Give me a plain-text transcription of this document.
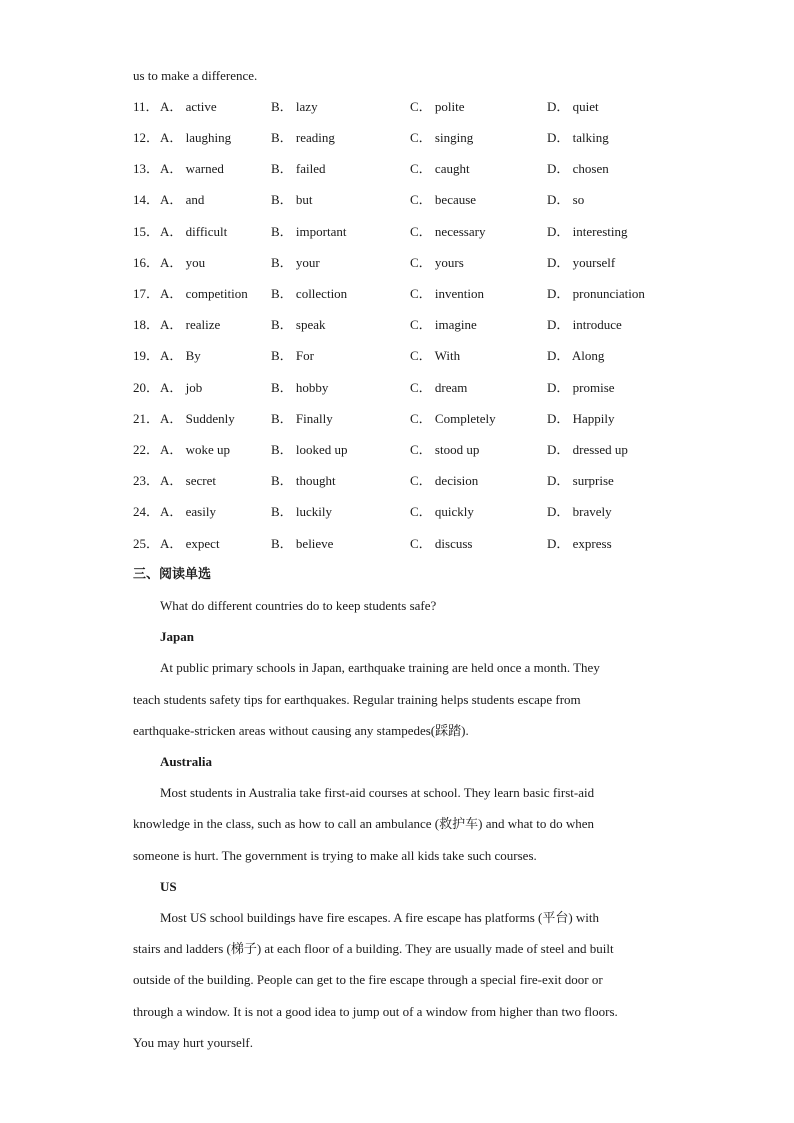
us to make a difference.
11． A． active	B． lazy	C． polite	D． quiet
12． A． laughing	B． reading	C． singing	D． talking
13． A． warned	B． failed	C． caught	D． chosen
14． A． and	B． but	C． because	D． so
15． A． difficult	B． important	C． necessary	D． interesting
16． A． you	B． your	C． yours	D． yourself
17． A． competition B． collection	C． invention	D． pronunciation
18． A． realize	B． speak	C． imagine	D． introduce
19． A． By	B． For	C． With	D． Along
20． A． job	B． hobby	C． dream	D． promise
21． A． Suddenly	B． Finally	C． Completely	D． Happily
22． A． woke up	B． looked up	C． stood up	D． dressed up
23． A． secret	B． thought	C． decision	D． surprise
24． A． easily	B． luckily	C． quickly	D． bravely
25． A． expect	B． believe	C． discuss	D． express
三、阅读单选
What do different countries do to keep students safe?
Japan
At public primary schools in Japan, earthquake training are held once a month. They
teach students safety tips for earthquakes. Regular training helps students escape from
earthquake-stricken areas without causing any stampedes(踩踏).
Australia
Most students in Australia take first-aid courses at school. They learn basic first-aid
knowledge in the class, such as how to call an ambulance (救护车) and what to do when
someone is hurt. The government is trying to make all kids take such courses.
US
Most US school buildings have fire escapes. A fire escape has platforms (平台) with
stairs and ladders (梯子) at each floor of a building. They are usually made of steel and built
outside of the building. People can get to the fire escape through a special fire-exit door or
through a window. It is not a good idea to jump out of a window from higher than two floors.
You may hurt yourself.
